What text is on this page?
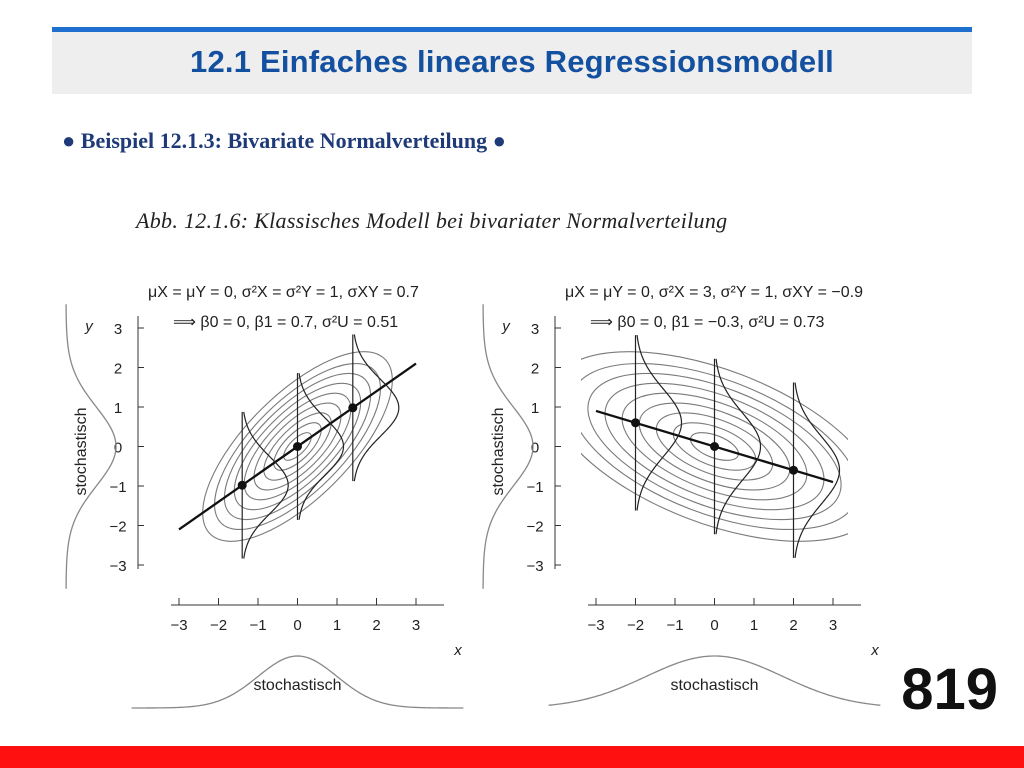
12.1 Einfaches lineares Regressionsmodell
● Beispiel 12.1.3: Bivariate Normalverteilung ●
Abb. 12.1.6: Klassisches Modell bei bivariater Normalverteilung
μX = μY = 0, σ²X = σ²Y = 1, σXY = 0.7
⟹ β0 = 0, β1 = 0.7, σ²U = 0.51
3
2
1
0
−1
−2
−3
−3 −2 −1 0 1 2 3
y
x
stochastisch
stochastisch
μX = μY = 0, σ²X = 3, σ²Y = 1, σXY = −0.9
⟹ β0 = 0, β1 = −0.3, σ²U = 0.73
3
2
1
0
−1
−2
−3
−3 −2 −1 0 1 2 3
y
x
stochastisch
stochastisch 819
